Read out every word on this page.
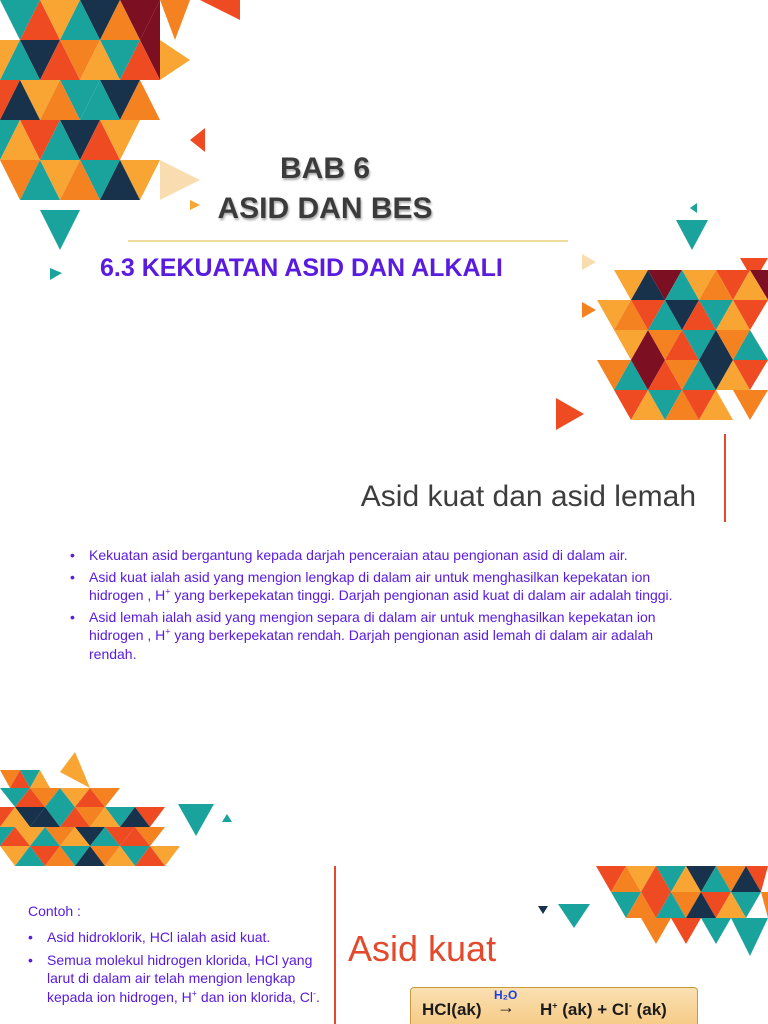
BAB 6
ASID DAN BES
6.3 KEKUATAN ASID DAN ALKALI
Asid kuat dan asid lemah
• Kekuatan asid bergantung kepada darjah penceraian atau pengionan asid di dalam air.
• Asid kuat ialah asid yang mengion lengkap di dalam air untuk menghasilkan kepekatan ion hidrogen , H+ yang berkepekatan tinggi. Darjah pengionan asid kuat di dalam air adalah tinggi.
• Asid lemah ialah asid yang mengion separa di dalam air untuk menghasilkan kepekatan ion hidrogen , H+ yang berkepekatan rendah. Darjah pengionan asid lemah di dalam air adalah rendah.
Contoh :
• Asid hidroklorik, HCl ialah asid kuat.
• Semua molekul hidrogen klorida, HCl yang larut di dalam air telah mengion lengkap kepada ion hidrogen, H+ dan ion klorida, Cl-.
Asid kuat
HCl(ak)
H₂O
→ H+ (ak) + Cl- (ak)
